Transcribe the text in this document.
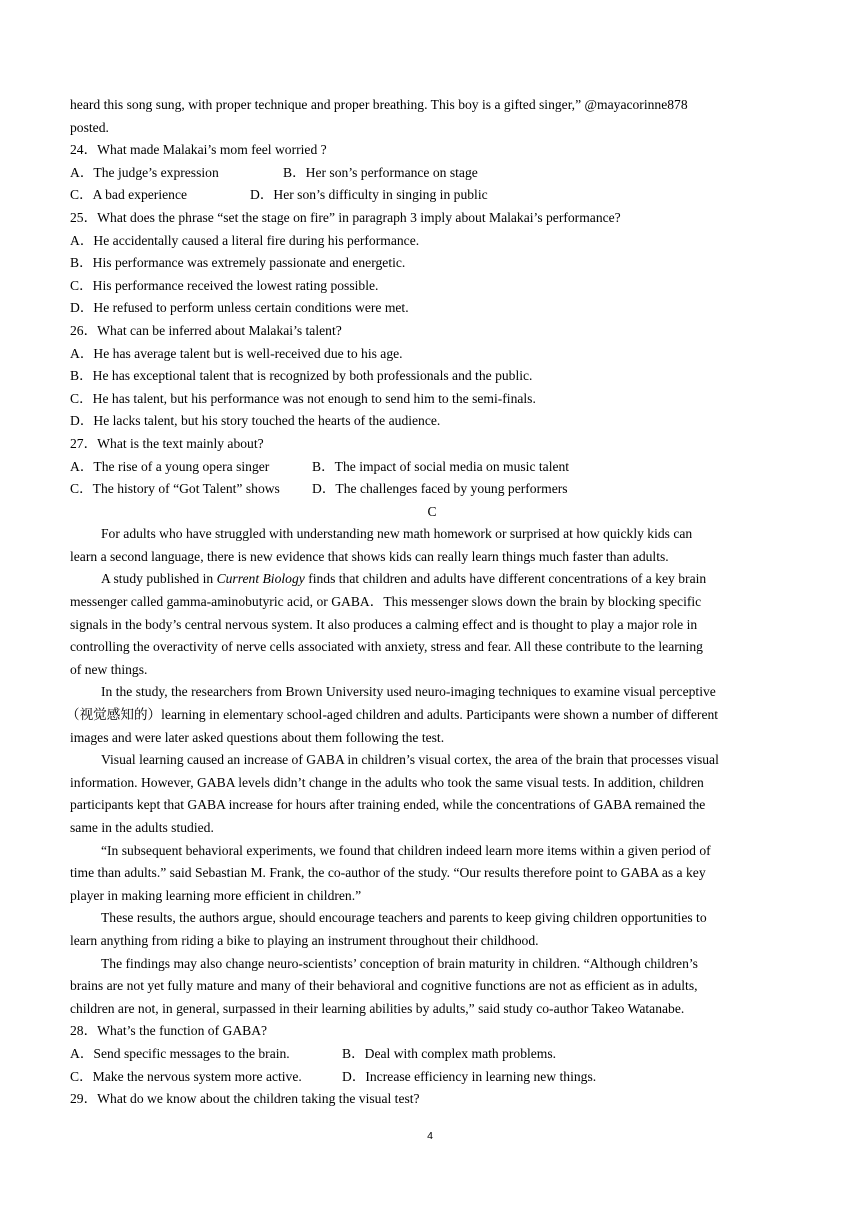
heard this song sung, with proper technique and proper breathing. This boy is a gifted singer,” @mayacorinne878
posted.
24．What made Malakai’s mom feel worried ?
A．The judge’s expression	B．Her son’s performance on stage
C．A bad experience	D．Her son’s difficulty in singing in public
25．What does the phrase “set the stage on fire” in paragraph 3 imply about Malakai’s performance?
A．He accidentally caused a literal fire during his performance.
B．His performance was extremely passionate and energetic.
C．His performance received the lowest rating possible.
D．He refused to perform unless certain conditions were met.
26．What can be inferred about Malakai’s talent?
A．He has average talent but is well-received due to his age.
B．He has exceptional talent that is recognized by both professionals and the public.
C．He has talent, but his performance was not enough to send him to the semi-finals.
D．He lacks talent, but his story touched the hearts of the audience.
27．What is the text mainly about?
A．The rise of a young opera singer	B．The impact of social media on music talent
C．The history of “Got Talent” shows	D．The challenges faced by young performers
C
For adults who have struggled with understanding new math homework or surprised at how quickly kids can
learn a second language, there is new evidence that shows kids can really learn things much faster than adults.
A study published in Current Biology finds that children and adults have different concentrations of a key brain
messenger called gamma-aminobutyric acid, or GABA．This messenger slows down the brain by blocking specific
signals in the body’s central nervous system. It also produces a calming effect and is thought to play a major role in
controlling the overactivity of nerve cells associated with anxiety, stress and fear. All these contribute to the learning
of new things.
In the study, the researchers from Brown University used neuro-imaging techniques to examine visual perceptive
（视觉感知的）learning in elementary school-aged children and adults. Participants were shown a number of different
images and were later asked questions about them following the test.
Visual learning caused an increase of GABA in children’s visual cortex, the area of the brain that processes visual
information. However, GABA levels didn’t change in the adults who took the same visual tests. In addition, children
participants kept that GABA increase for hours after training ended, while the concentrations of GABA remained the
same in the adults studied.
“In subsequent behavioral experiments, we found that children indeed learn more items within a given period of
time than adults.” said Sebastian M. Frank, the co-author of the study. “Our results therefore point to GABA as a key
player in making learning more efficient in children.”
These results, the authors argue, should encourage teachers and parents to keep giving children opportunities to
learn anything from riding a bike to playing an instrument throughout their childhood.
The findings may also change neuro-scientists’ conception of brain maturity in children. “Although children’s
brains are not yet fully mature and many of their behavioral and cognitive functions are not as efficient as in adults,
children are not, in general, surpassed in their learning abilities by adults,” said study co-author Takeo Watanabe.
28．What’s the function of GABA?
A．Send specific messages to the brain.	B．Deal with complex math problems.
C．Make the nervous system more active.	D．Increase efficiency in learning new things.
29．What do we know about the children taking the visual test?
4
